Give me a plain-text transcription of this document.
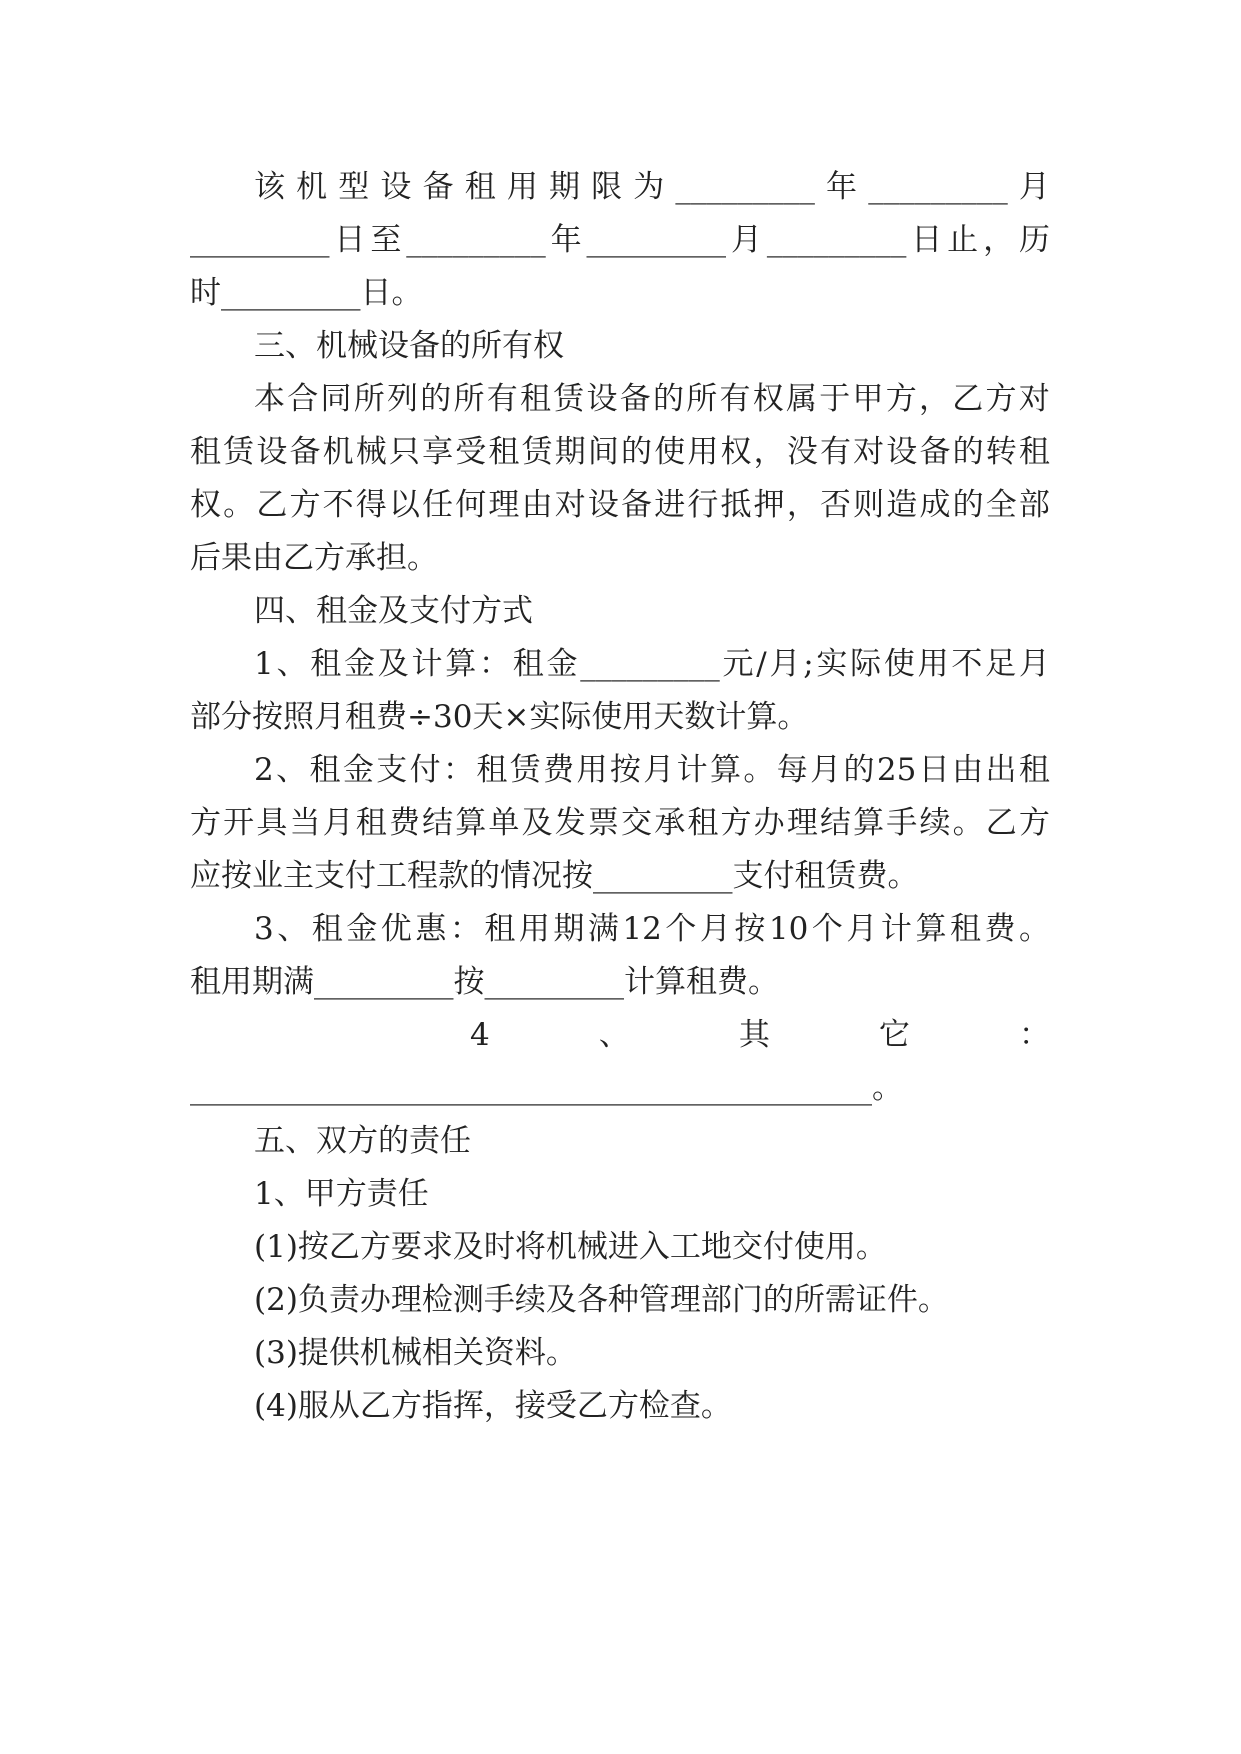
该 机 型 设 备 租 用 期 限 为 _________ 年 _________ 月
_________ 日 至 _________ 年 _________ 月 _________ 日 止 ， 历
时_________日。
三、机械设备的所有权
本 合 同 所 列 的 所 有 租 赁 设 备 的 所 有 权 属 于 甲 方 ， 乙 方 对
租 赁 设 备 机 械 只 享 受 租 赁 期 间 的 使 用 权 ， 没 有 对 设 备 的 转 租
权 。 乙 方 不 得 以 任 何 理 由 对 设 备 进 行 抵 押 ， 否 则 造 成 的 全 部
后果由乙方承担。
四、租金及支付方式
1 、 租 金 及 计 算 ： 租 金 _________ 元 / 月 ; 实 际 使 用 不 足 月
部分按照月租费÷30天×实际使用天数计算。
2 、 租 金 支 付 ： 租 赁 费 用 按 月 计 算 。 每 月 的 25 日 由 出 租
方 开 具 当 月 租 费 结 算 单 及 发 票 交 承 租 方 办 理 结 算 手 续 。 乙 方
应按业主支付工程款的情况按_________支付租赁费。
3 、 租 金 优 惠 ： 租 用 期 满 12 个 月 按 10 个 月 计 算 租 费 。
租用期满_________按_________计算租费。
4	、	其	它	：
____________________________________________。
五、双方的责任
1、甲方责任
(1)按乙方要求及时将机械进入工地交付使用。
(2)负责办理检测手续及各种管理部门的所需证件。
(3)提供机械相关资料。
(4)服从乙方指挥，接受乙方检查。
